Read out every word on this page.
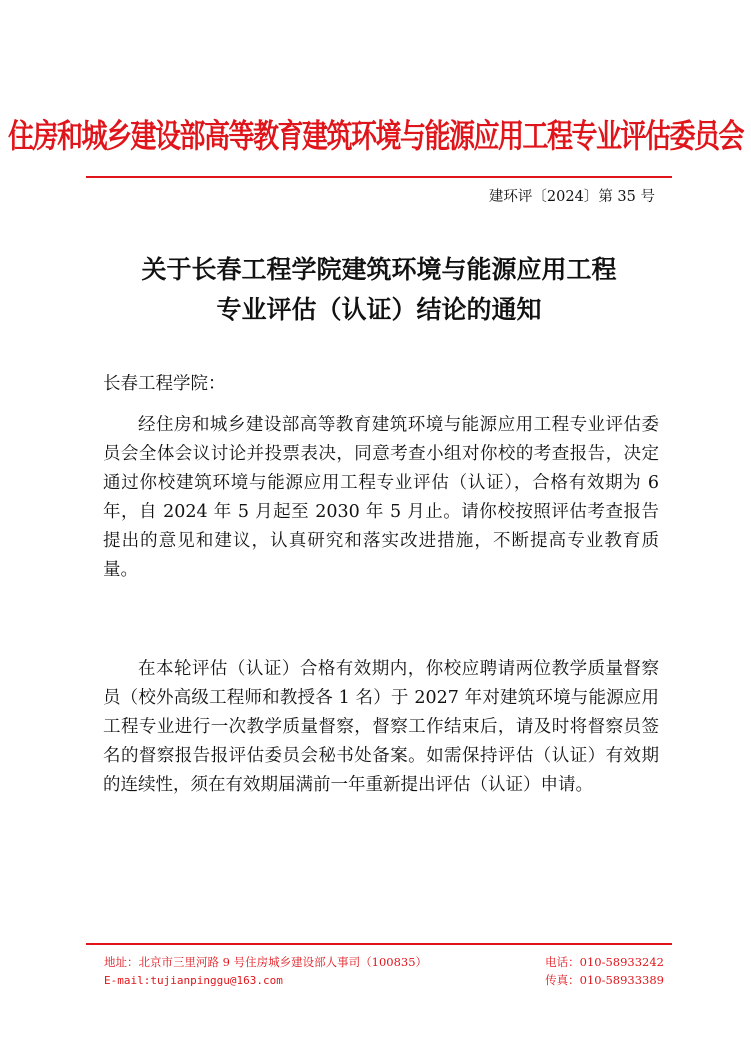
住房和城乡建设部高等教育建筑环境与能源应用工程专业评估委员会
建环评〔2024〕第 35 号
关于长春工程学院建筑环境与能源应用工程
专业评估（认证）结论的通知
长春工程学院：

经住房和城乡建设部高等教育建筑环境与能源应用工程专业评估委员会全体会议讨论并投票表决，同意考查小组对你校的考查报告，决定通过你校建筑环境与能源应用工程专业评估（认证），合格有效期为 6 年，自 2024 年 5 月起至 2030 年 5 月止。请你校按照评估考查报告提出的意见和建议，认真研究和落实改进措施，不断提高专业教育质量。

在本轮评估（认证）合格有效期内，你校应聘请两位教学质量督察员（校外高级工程师和教授各 1 名）于 2027 年对建筑环境与能源应用工程专业进行一次教学质量督察，督察工作结束后，请及时将督察员签名的督察报告报评估委员会秘书处备案。如需保持评估（认证）有效期的连续性，须在有效期届满前一年重新提出评估（认证）申请。

地址：北京市三里河路 9 号住房城乡建设部人事司（100835）	电话：010-58933242
E-mail:tujianpinggu@163.com	传真：010-58933389
